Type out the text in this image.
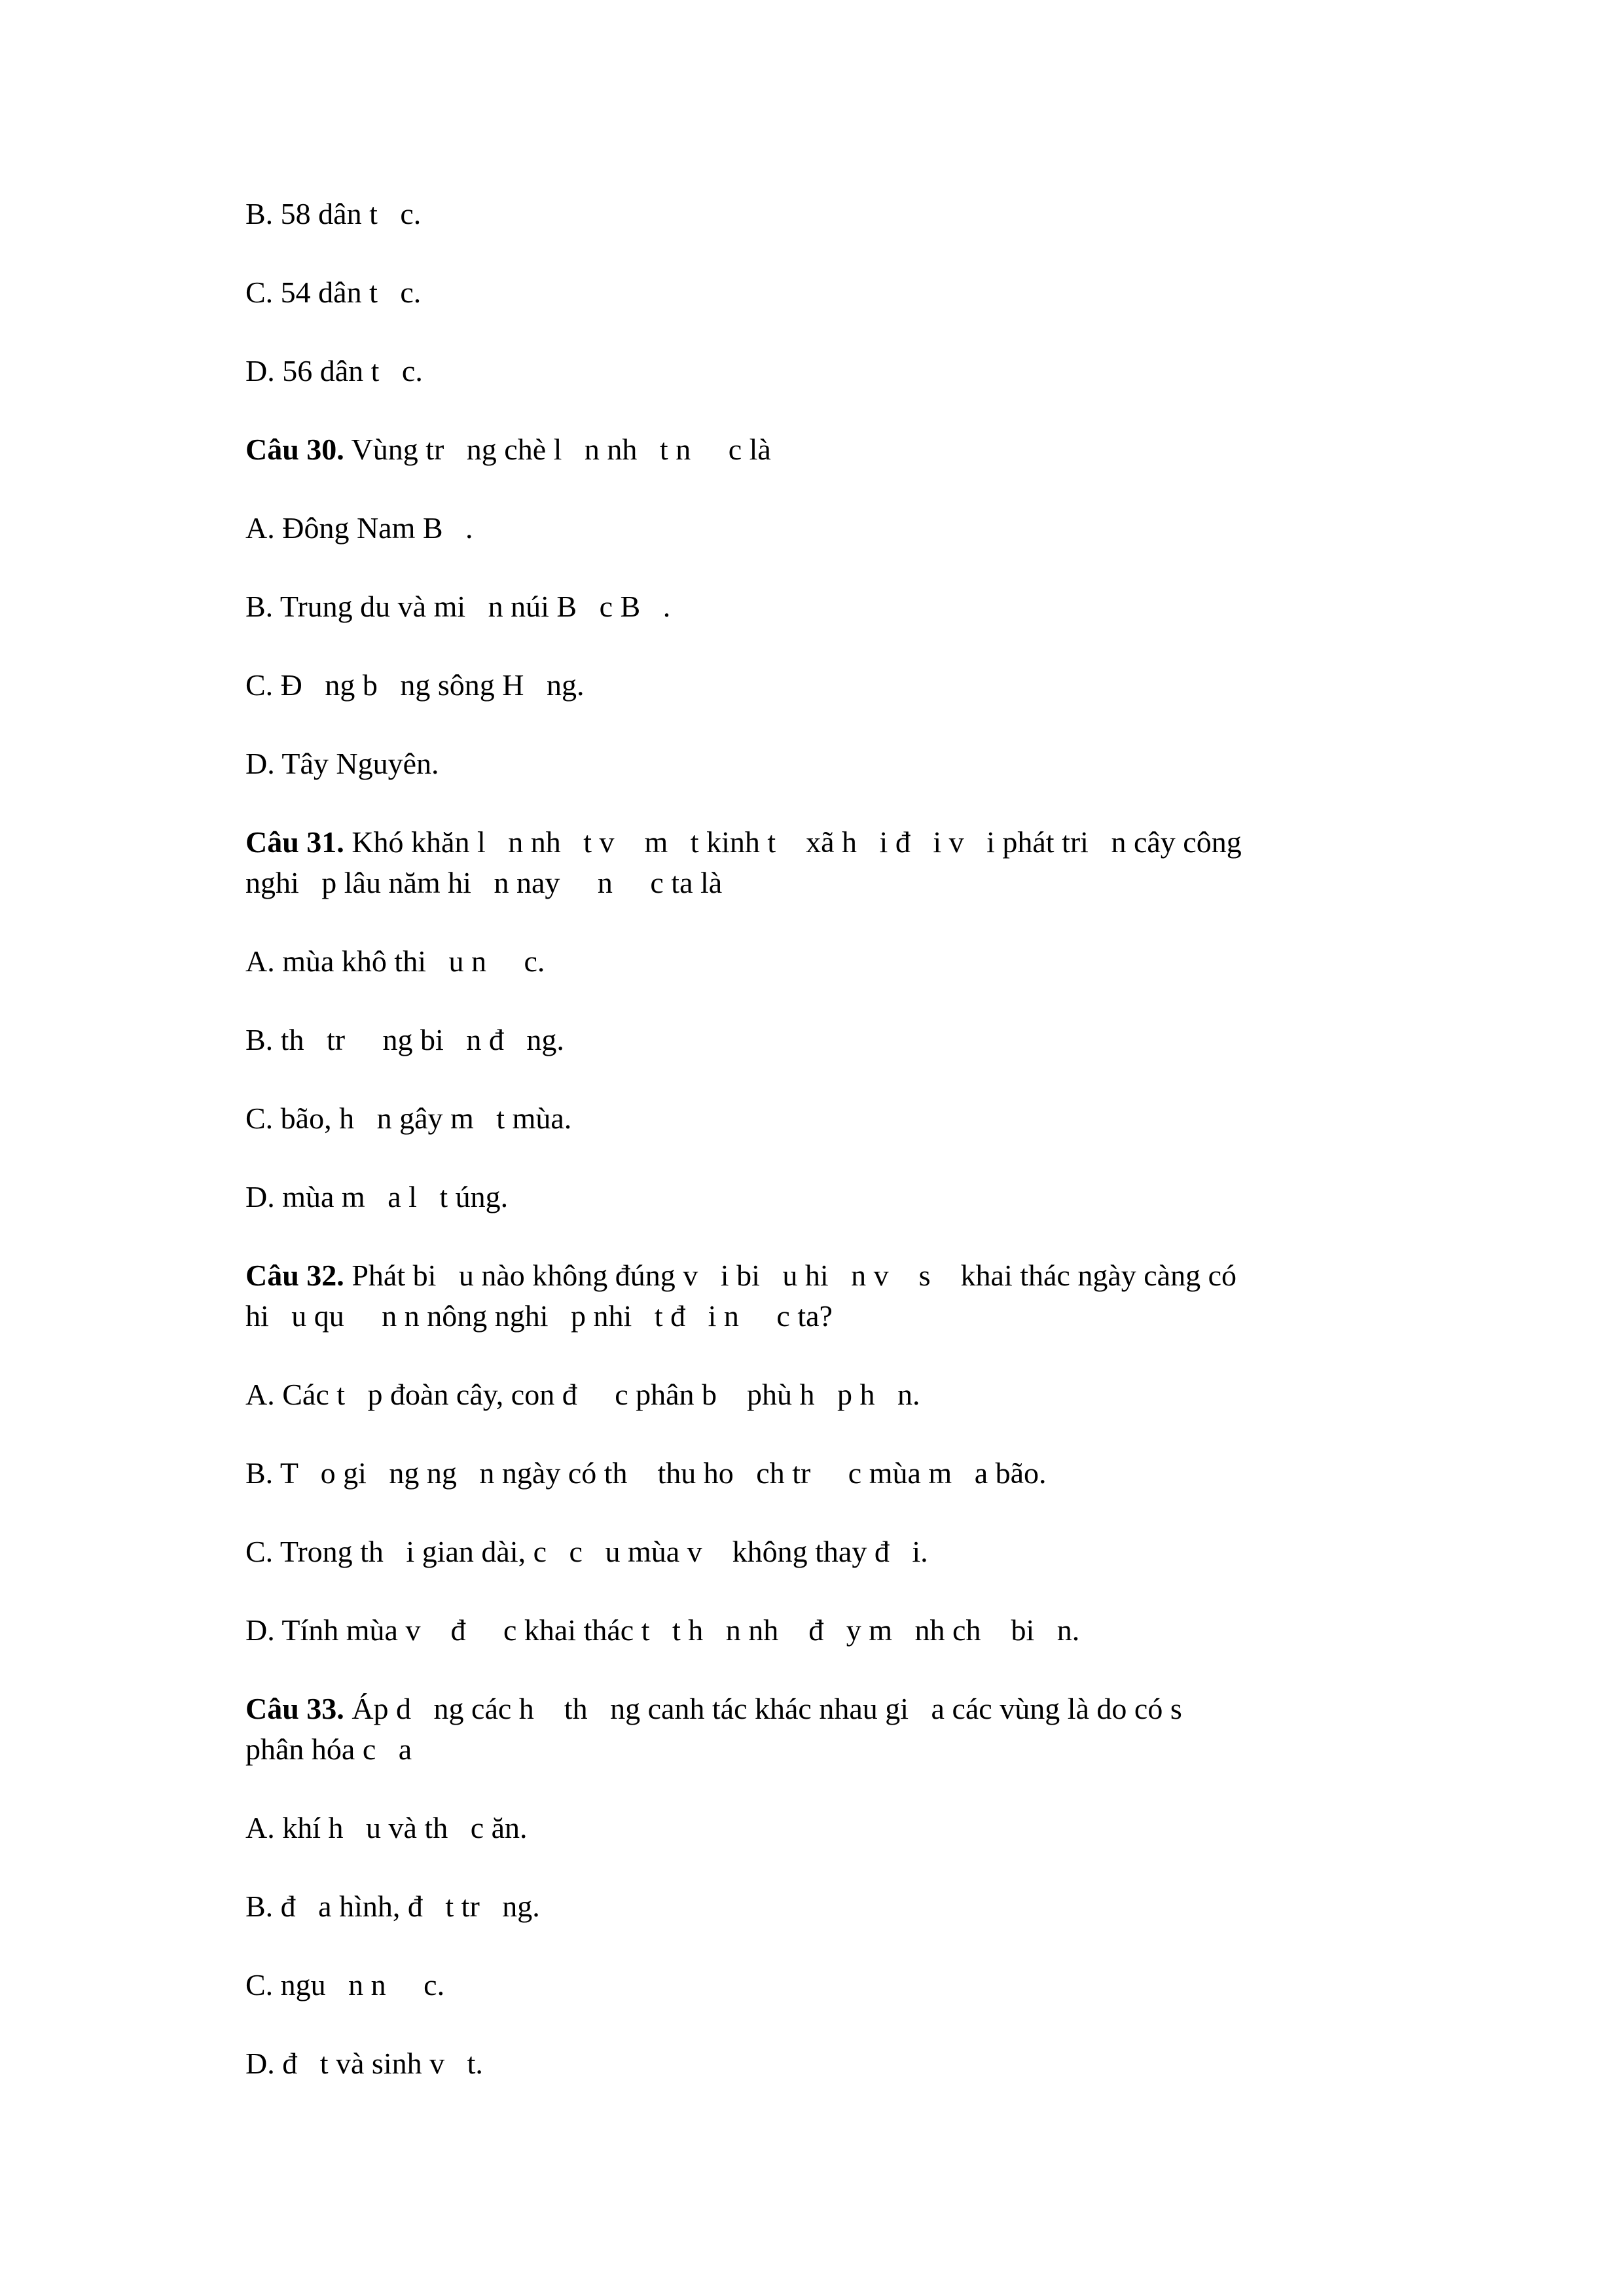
B. 58 dân t   c.

C. 54 dân t   c.

D. 56 dân t   c.

Câu 30. Vùng tr   ng chè l   n nh   t n     c là

A. Đông Nam B   .

B. Trung du và mi   n núi B   c B   .

C. Đ   ng b   ng sông H   ng.

D. Tây Nguyên.

Câu 31. Khó khăn l   n nh   t v    m   t kinh t    xã h   i đ   i v   i phát tri   n cây công

nghi   p lâu năm hi   n nay     n     c ta là

A. mùa khô thi   u n     c.

B. th   tr     ng bi   n đ   ng.

C. bão, h   n gây m   t mùa.

D. mùa m   a l   t úng.

Câu 32. Phát bi   u nào không đúng v   i bi   u hi   n v    s    khai thác ngày càng có

hi   u qu     n n nông nghi   p nhi   t đ   i n     c ta?

A. Các t   p đoàn cây, con đ     c phân b    phù h   p h   n.

B. T   o gi   ng ng   n ngày có th    thu ho   ch tr     c mùa m   a bão.

C. Trong th   i gian dài, c   c   u mùa v    không thay đ   i.

D. Tính mùa v    đ     c khai thác t   t h   n nh    đ   y m   nh ch    bi   n.

Câu 33. Áp d   ng các h    th   ng canh tác khác nhau gi   a các vùng là do có s

phân hóa c   a

A. khí h   u và th   c ăn.

B. đ   a hình, đ   t tr   ng.

C. ngu   n n     c.

D. đ   t và sinh v   t.
